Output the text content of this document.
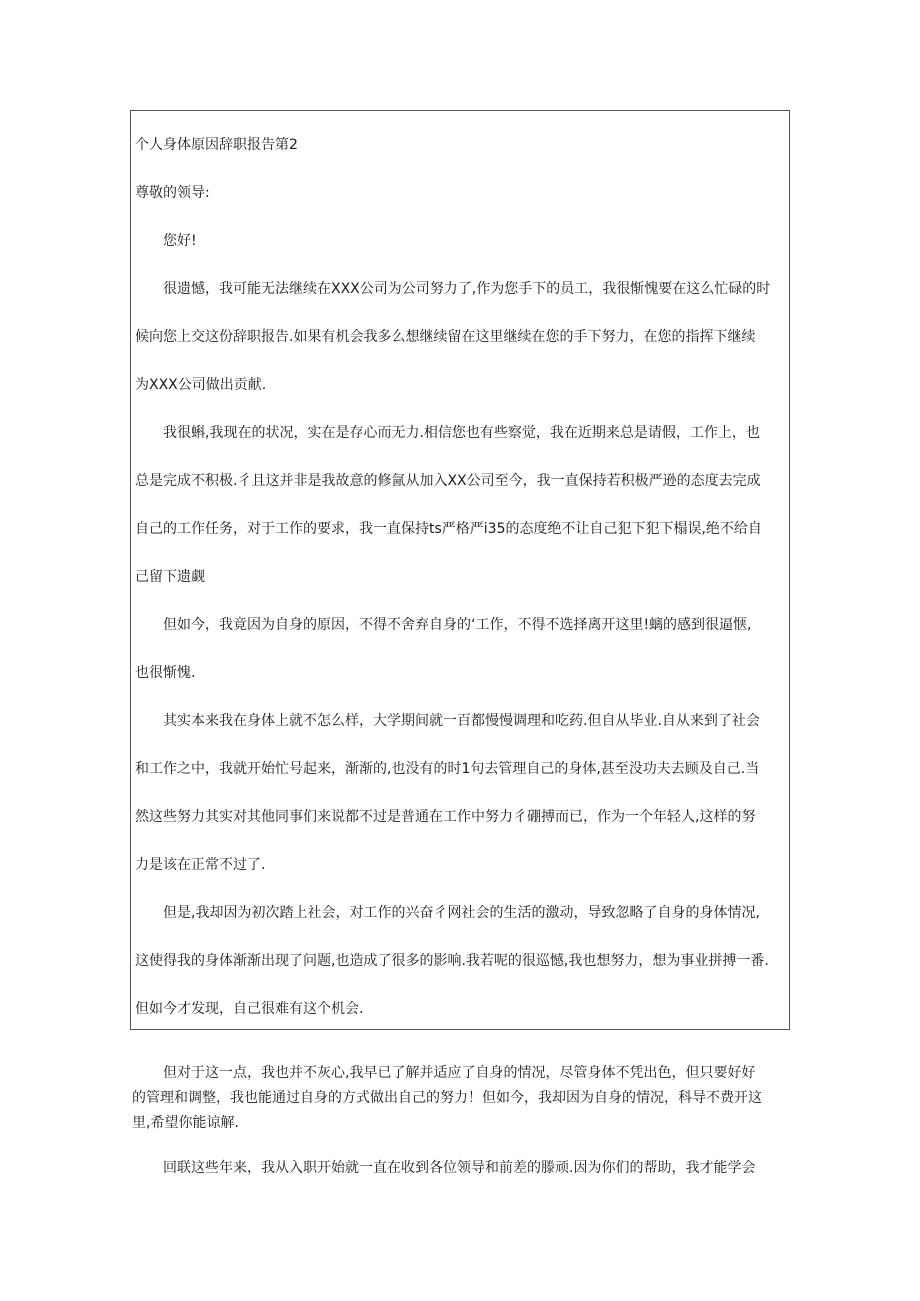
个人身体原因辞职报告第2
尊敬的领导:
您好!
很遗憾，我可能无法继续在XXX公司为公司努力了,作为您手下的员工，我很惭愧要在这么忙碌的时
候向您上交这份辞职报告.如果有机会我多么想继续留在这里继续在您的手下努力，在您的指挥下继续
为XXX公司做出贡献.
我很蝌,我现在的状况，实在是存心而无力.相信您也有些察觉，我在近期来总是请假，工作上，也
总是完成不积极.彳且这并非是我故意的修氤从加入XX公司至今，我一直保持若积极严逊的态度去完成
自己的工作任务，对于工作的要求，我一直保持ts严格严i35的态度绝不让自己犯下犯下榻误,绝不给自
己留下遗觑
但如今，我竟因为自身的原因，不得不舍弃自身的‘工作，不得不选择离开这里!螭的感到很逼惬,
也很惭愧.
其实本来我在身体上就不怎么样，大学期间就一百都慢慢调理和吃药.但自从毕业.自从来到了社会
和工作之中，我就开始忙号起来，渐渐的,也没有的时1句去管理自己的身体,甚至没功夫去顾及自己.当
然这些努力其实对其他同事们来说都不过是普通在工作中努力彳硼搏而已，作为一个年轻人,这样的努
力是该在正常不过了.
但是,我却因为初次踏上社会，对工作的兴奋彳网社会的生活的激动，导致忽略了自身的身体情况,
这使得我的身体渐渐出现了问题,也造成了很多的影响.我若呢的很巡憾,我也想努力，想为事业拼搏一番.
但如今才发现，自己很难有这个机会.
但对于这一点，我也并不灰心,我早已了解并适应了自身的情况，尽管身体不凭出色，但只要好好
的管理和调整，我也能通过自身的方式做出自己的努力！但如今，我却因为自身的情况，科导不费开这
里,希望你能谅解.
回联这些年来，我从入职开始就一直在收到各位领导和前差的滕顽.因为你们的帮助，我才能学会
